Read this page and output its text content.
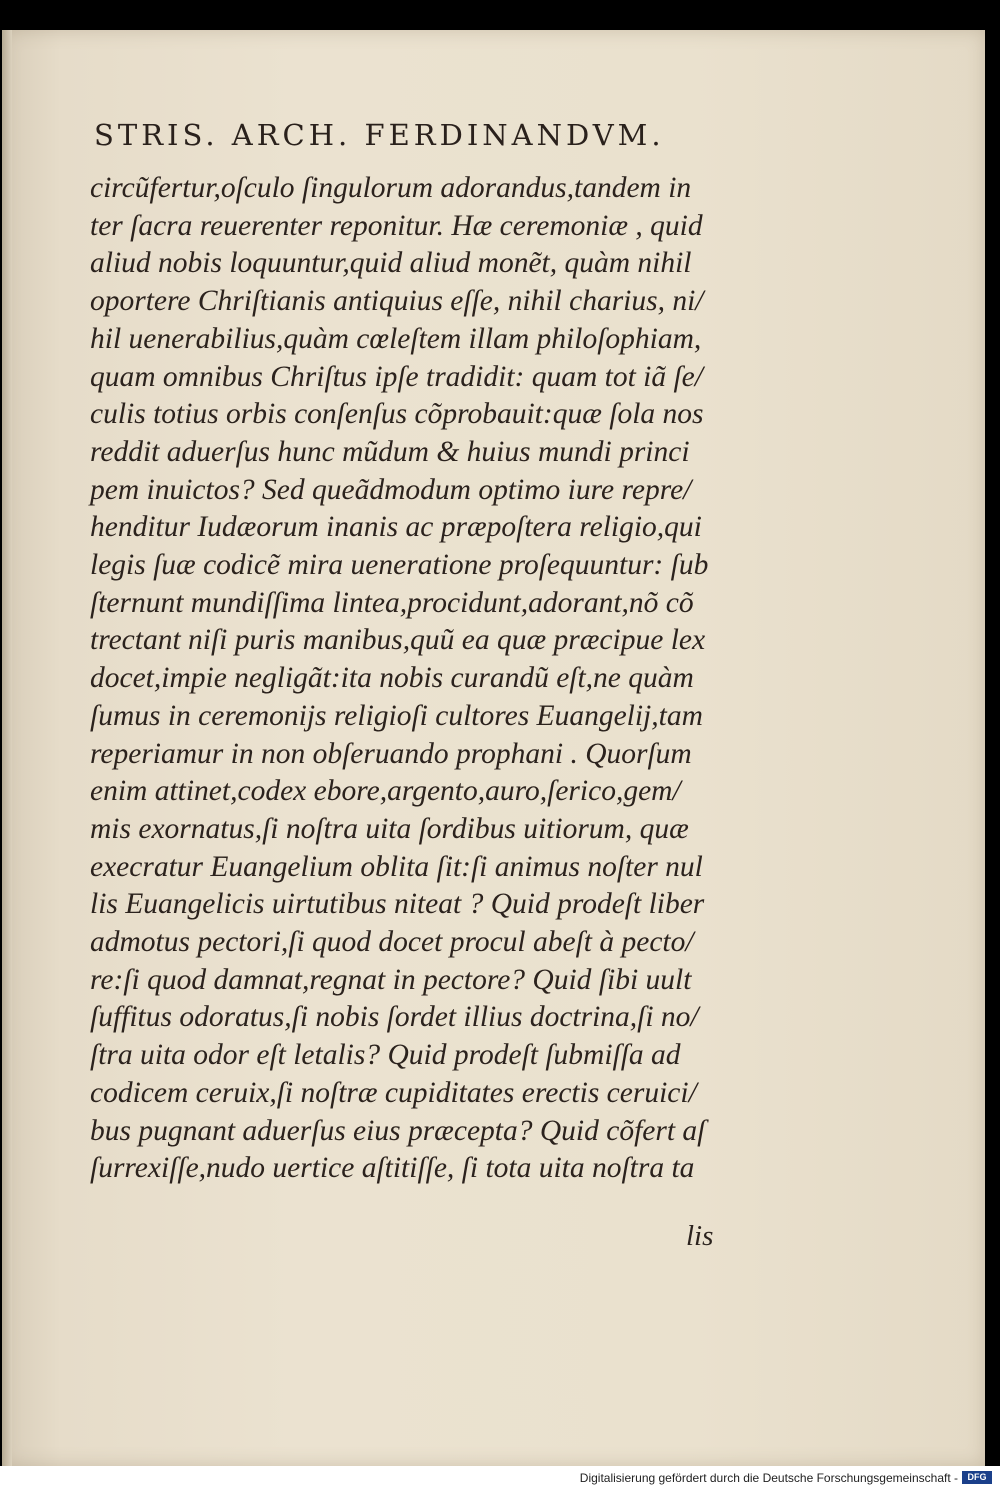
STRIS. ARCH. FERDINANDVM.
circũfertur,oſculo ſingulorum adorandus,tandem in
ter ſacra reuerenter reponitur. Hæ ceremoniæ , quid
aliud nobis loquuntur,quid aliud monẽt, quàm nihil
oportere Chriſtianis antiquius eſſe, nihil charius, ni/
hil uenerabilius,quàm cœleſtem illam philoſophiam,
quam omnibus Chriſtus ipſe tradidit: quam tot iã ſe/
culis totius orbis conſenſus cõprobauit:quæ ſola nos
reddit aduerſus hunc mũdum & huius mundi princi
pem inuictos? Sed queãdmodum optimo iure repre/
henditur Iudæorum inanis ac præpoſtera religio,qui
legis ſuæ codicẽ mira ueneratione proſequuntur: ſub
ſternunt mundiſſima lintea,procidunt,adorant,nõ cõ
trectant niſi puris manibus,quũ ea quæ præcipue lex
docet,impie negligãt:ita nobis curandũ eſt,ne quàm
ſumus in ceremonijs religioſi cultores Euangelij,tam
reperiamur in non obſeruando prophani . Quorſum
enim attinet,codex ebore,argento,auro,ſerico,gem/
mis exornatus,ſi noſtra uita ſordibus uitiorum, quæ
execratur Euangelium oblita ſit:ſi animus noſter nul
lis Euangelicis uirtutibus niteat ? Quid prodeſt liber
admotus pectori,ſi quod docet procul abeſt à pecto/
re:ſi quod damnat,regnat in pectore? Quid ſibi uult
ſuffitus odoratus,ſi nobis ſordet illius doctrina,ſi no/
ſtra uita odor eſt letalis? Quid prodeſt ſubmiſſa ad
codicem ceruix,ſi noſtræ cupiditates erectis ceruici/
bus pugnant aduerſus eius præcepta? Quid cõfert aſ
ſurrexiſſe,nudo uertice aſtitiſſe, ſi tota uita noſtra ta
lis
Digitalisierung gefördert durch die Deutsche Forschungsgemeinschaft -	DFG
